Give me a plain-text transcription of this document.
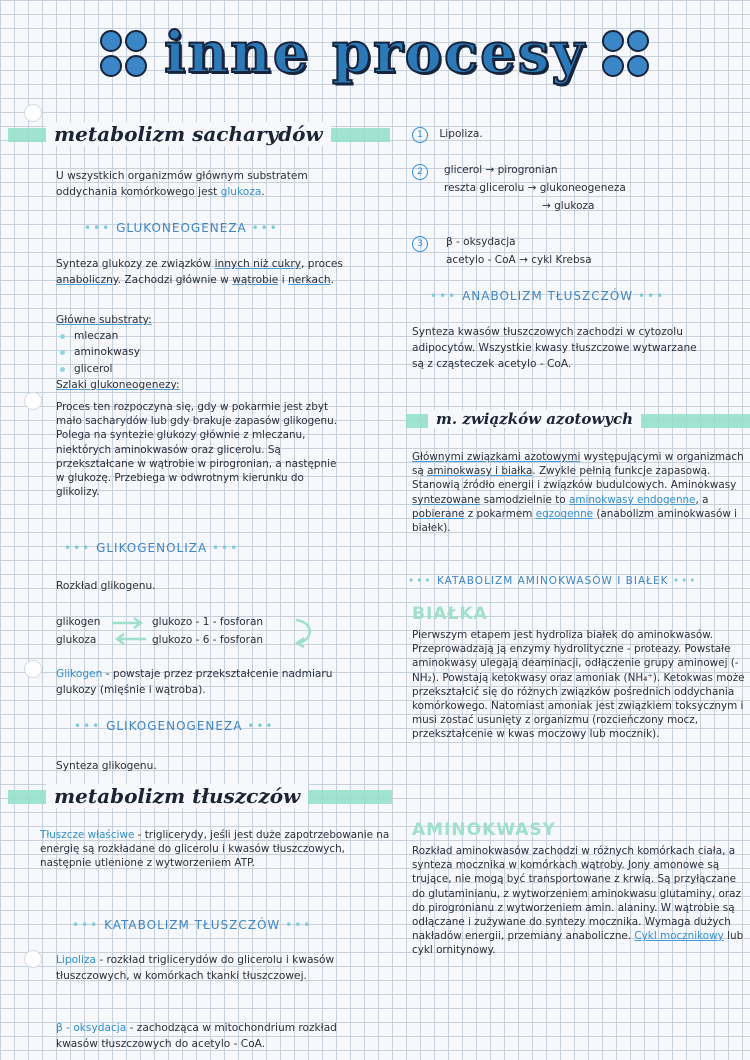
inne procesy
metabolizm sacharydów
U wszystkich organizmów głównym substratem oddychania komórkowego jest glukoza.
••• GLUKONEOGENEZA •••
Synteza glukozy ze związków innych niż cukry, proces anaboliczny. Zachodzi głównie w wątrobie i nerkach.
Główne substraty:
mleczan
aminokwasy
glicerol
Szlaki glukoneogenezy:
Proces ten rozpoczyna się, gdy w pokarmie jest zbyt mało sacharydów lub gdy brakuje zapasów glikogenu. Polega na syntezie glukozy głównie z mleczanu, niektórych aminokwasów oraz glicerolu. Są przekształcane w wątrobie w pirogronian, a następnie w glukozę. Przebiega w odwrotnym kierunku do glikolizy.
••• GLIKOGENOLIZA •••
Rozkład glikogenu.
glikogen
glukoza ⇌ glukozo - 1 - fosforan
glukozo - 6 - fosforan
Glikogen - powstaje przez przekształcenie nadmiaru glukozy (mięśnie i wątroba).
••• GLIKOGENOGENEZA •••
Synteza glikogenu.
metabolizm tłuszczów
Tłuszcze właściwe - triglicerydy, jeśli jest duże zapotrzebowanie na energię są rozkładane do glicerolu i kwasów tłuszczowych, następnie utlenione z wytworzeniem ATP.
••• KATABOLIZM TŁUSZCZÓW •••
Lipoliza - rozkład triglicerydów do glicerolu i kwasów tłuszczowych, w komórkach tkanki tłuszczowej.
β - oksydacja - zachodząca w mitochondrium rozkład kwasów tłuszczowych do acetylo - CoA.
1 Lipoliza.
2	glicerol → pirogronian
reszta glicerolu → glukoneogeneza
→ glukoza
3	β - oksydacja
acetylo - CoA → cykl Krebsa
••• ANABOLIZM TŁUSZCZÓW •••
Synteza kwasów tłuszczowych zachodzi w cytozolu adipocytów. Wszystkie kwasy tłuszczowe wytwarzane są z cząsteczek acetylo - CoA.
m. związków azotowych
Głównymi związkami azotowymi występującymi w organizmach są aminokwasy i białka. Zwykle pełnią funkcje zapasową. Stanowią źródło energii i związków budulcowych. Aminokwasy syntezowane samodzielnie to aminokwasy endogenne, a pobierane z pokarmem egzogenne (anabolizm aminokwasów i białek).
••• KATABOLIZM AMINOKWASÓW I BIAŁEK •••
BIAŁKA
Pierwszym etapem jest hydroliza białek do aminokwasów. Przeprowadzają ją enzymy hydrolityczne - proteazy. Powstałe aminokwasy ulegają deaminacji, odłączenie grupy aminowej (-NH₂). Powstają ketokwasy oraz amoniak (NH₄⁺). Ketokwas może przekształcić się do różnych związków pośrednich oddychania komórkowego. Natomiast amoniak jest związkiem toksycznym i musi zostać usunięty z organizmu (rozcieńczony mocz, przekształcenie w kwas moczowy lub mocznik).
AMINOKWASY
Rozkład aminokwasów zachodzi w różnych komórkach ciała, a synteza mocznika w komórkach wątroby. Jony amonowe są trujące, nie mogą być transportowane z krwią. Są przyłączane do glutaminianu, z wytworzeniem aminokwasu glutaminy, oraz do pirogronianu z wytworzeniem amin. alaniny. W wątrobie są odłączane i zużywane do syntezy mocznika. Wymaga dużych nakładów energii, przemiany anaboliczne. Cykl mocznikowy lub cykl ornitynowy.
